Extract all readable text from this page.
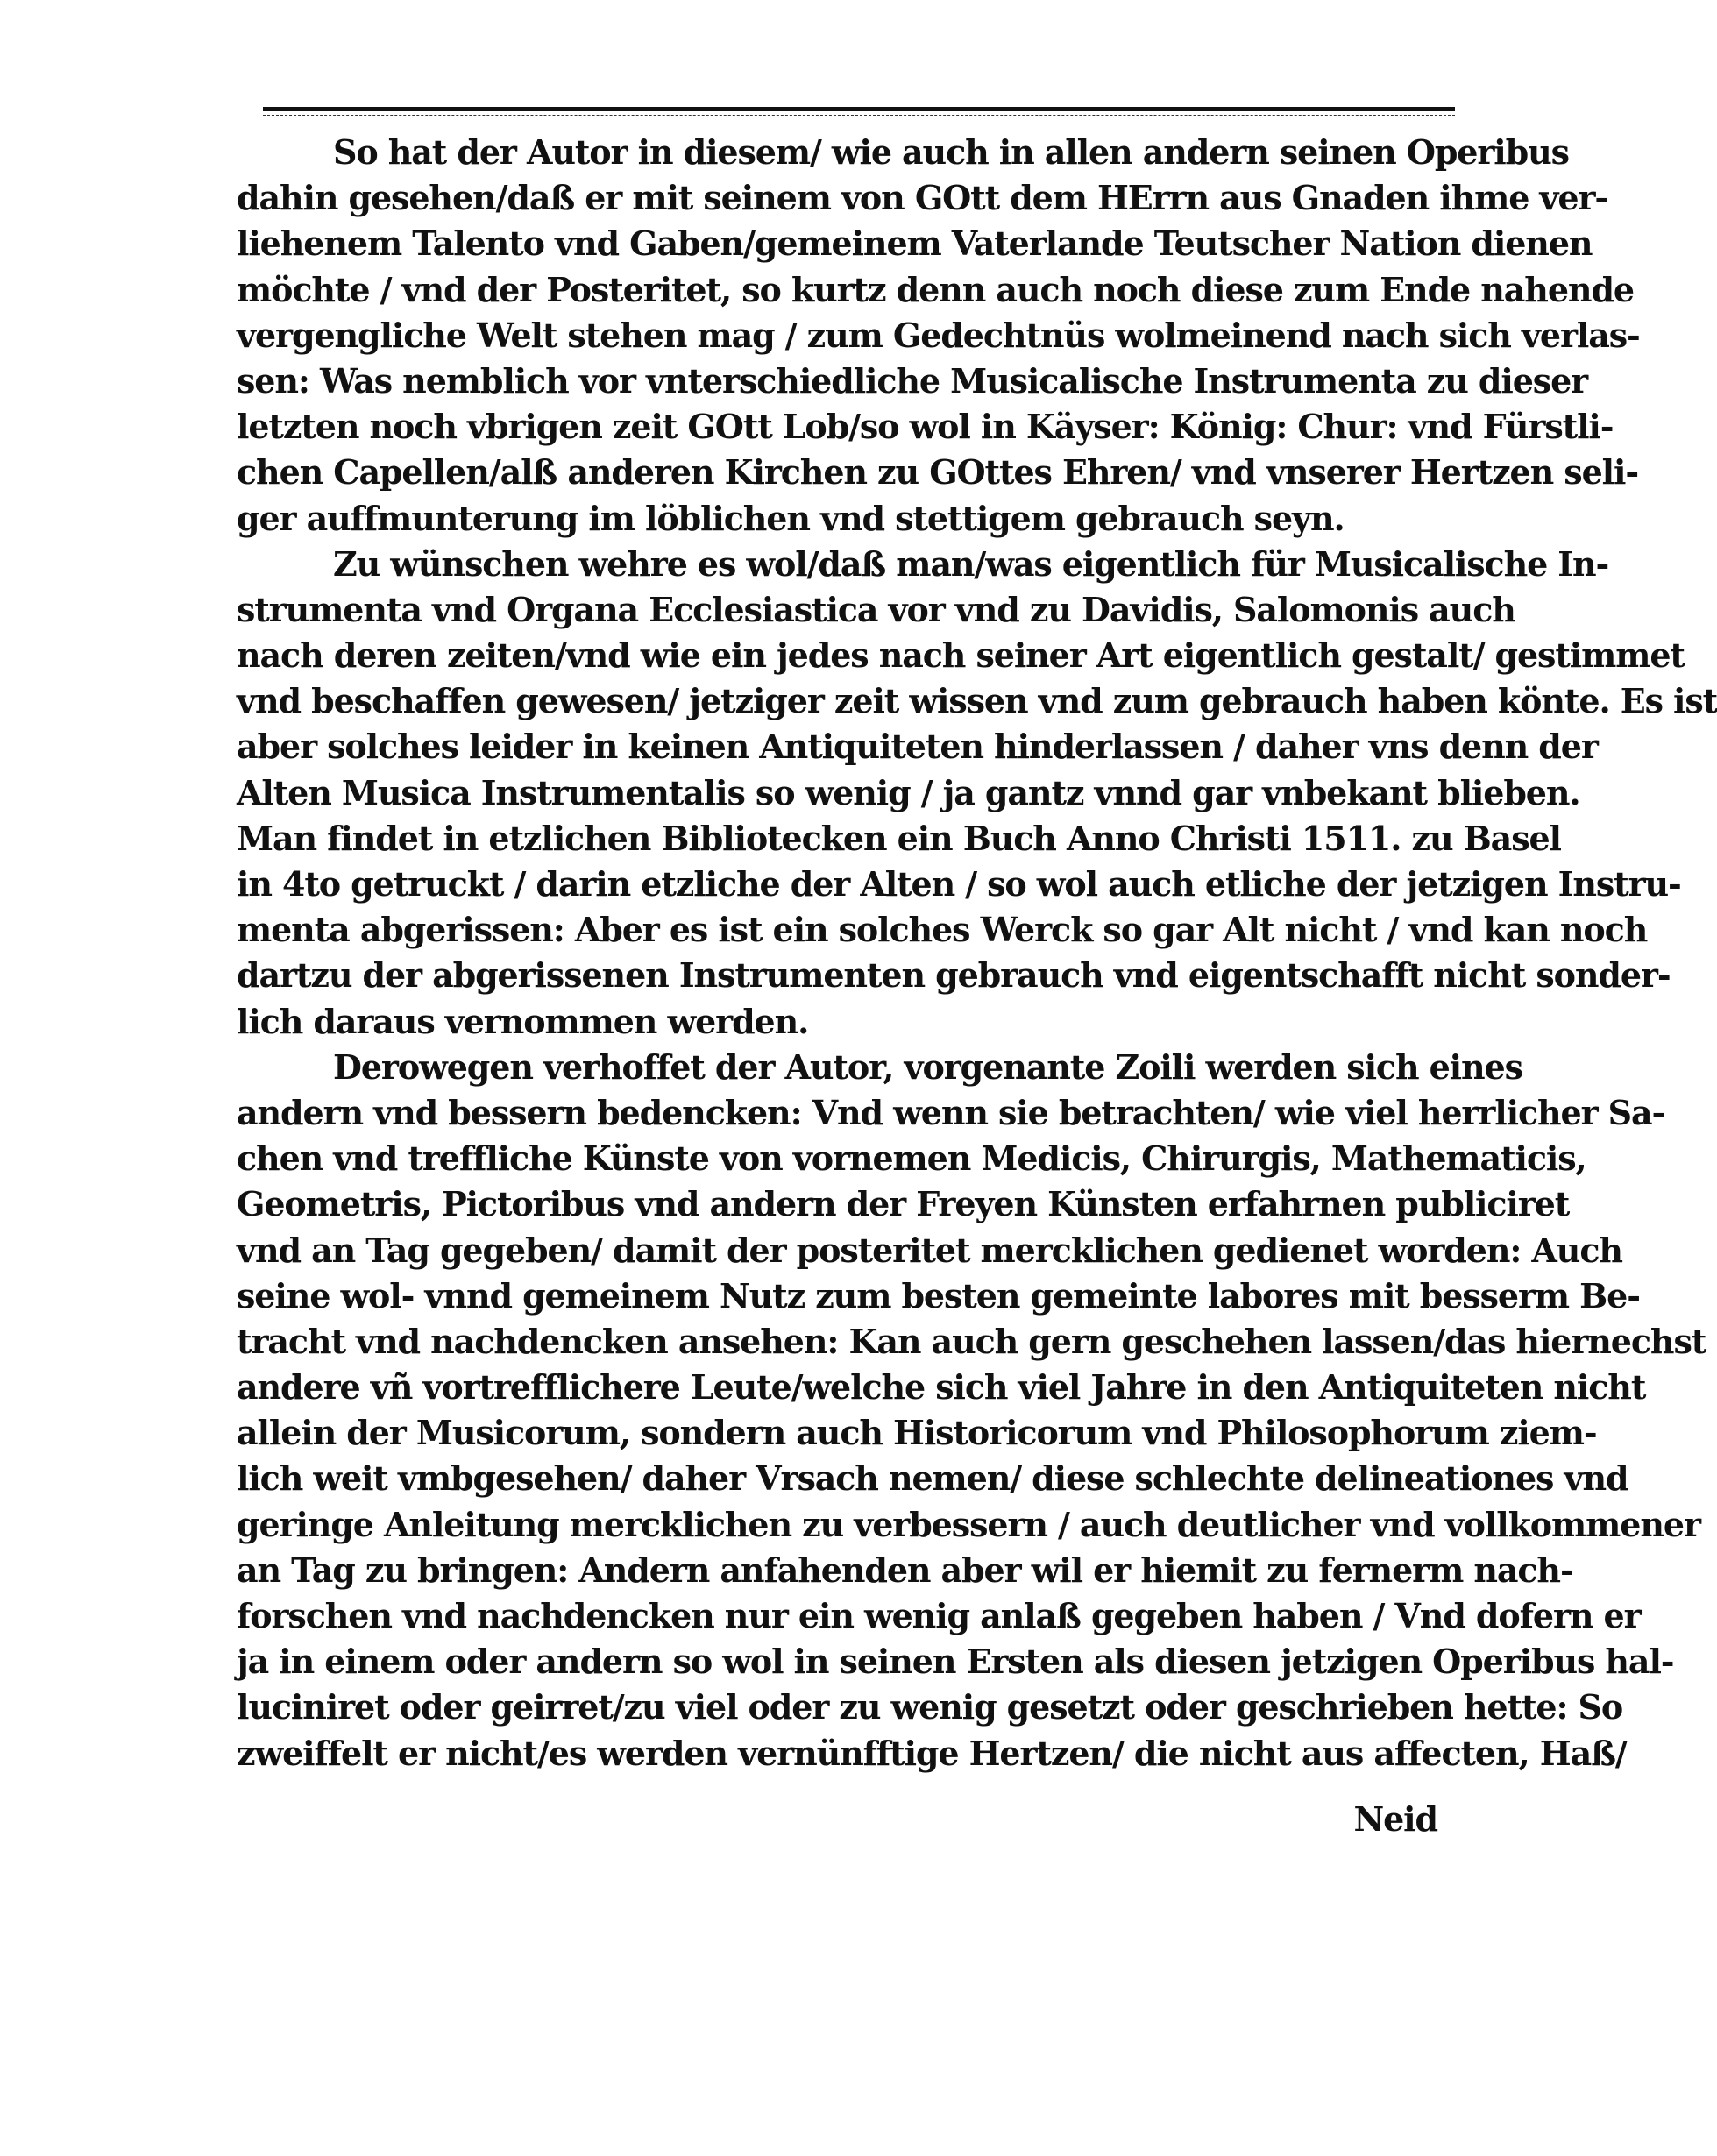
So hat der Autor in diesem/ wie auch in allen andern seinen Operibus
dahin gesehen/daß er mit seinem von GOtt dem HErrn aus Gnaden ihme ver-
liehenem Talento vnd Gaben/gemeinem Vaterlande Teutscher Nation dienen
möchte / vnd der Posteritet, so kurtz denn auch noch diese zum Ende nahende
vergengliche Welt stehen mag / zum Gedechtnüs wolmeinend nach sich verlas-
sen: Was nemblich vor vnterschiedliche Musicalische Instrumenta zu dieser
letzten noch vbrigen zeit GOtt Lob/so wol in Käyser: König: Chur: vnd Fürstli-
chen Capellen/alß anderen Kirchen zu GOttes Ehren/ vnd vnserer Hertzen seli-
ger auffmunterung im löblichen vnd stettigem gebrauch seyn.
Zu wünschen wehre es wol/daß man/was eigentlich für Musicalische In-
strumenta vnd Organa Ecclesiastica vor vnd zu Davidis, Salomonis auch
nach deren zeiten/vnd wie ein jedes nach seiner Art eigentlich gestalt/ gestimmet
vnd beschaffen gewesen/ jetziger zeit wissen vnd zum gebrauch haben könte. Es ist
aber solches leider in keinen Antiquiteten hinderlassen / daher vns denn der
Alten Musica Instrumentalis so wenig / ja gantz vnnd gar vnbekant blieben.
Man findet in etzlichen Bibliotecken ein Buch Anno Christi 1511. zu Basel
in 4to getruckt / darin etzliche der Alten / so wol auch etliche der jetzigen Instru-
menta abgerissen: Aber es ist ein solches Werck so gar Alt nicht / vnd kan noch
dartzu der abgerissenen Instrumenten gebrauch vnd eigentschafft nicht sonder-
lich daraus vernommen werden.
Derowegen verhoffet der Autor, vorgenante Zoili werden sich eines
andern vnd bessern bedencken: Vnd wenn sie betrachten/ wie viel herrlicher Sa-
chen vnd treffliche Künste von vornemen Medicis, Chirurgis, Mathematicis,
Geometris, Pictoribus vnd andern der Freyen Künsten erfahrnen publiciret
vnd an Tag gegeben/ damit der posteritet mercklichen gedienet worden: Auch
seine wol- vnnd gemeinem Nutz zum besten gemeinte labores mit besserm Be-
tracht vnd nachdencken ansehen: Kan auch gern geschehen lassen/das hiernechst
andere vñ vortrefflichere Leute/welche sich viel Jahre in den Antiquiteten nicht
allein der Musicorum, sondern auch Historicorum vnd Philosophorum ziem-
lich weit vmbgesehen/ daher Vrsach nemen/ diese schlechte delineationes vnd
geringe Anleitung mercklichen zu verbessern / auch deutlicher vnd vollkommener
an Tag zu bringen: Andern anfahenden aber wil er hiemit zu fernerm nach-
forschen vnd nachdencken nur ein wenig anlaß gegeben haben / Vnd dofern er
ja in einem oder andern so wol in seinen Ersten als diesen jetzigen Operibus hal-
luciniret oder geirret/zu viel oder zu wenig gesetzt oder geschrieben hette: So
zweiffelt er nicht/es werden vernünfftige Hertzen/ die nicht aus affecten, Haß/
Neid
